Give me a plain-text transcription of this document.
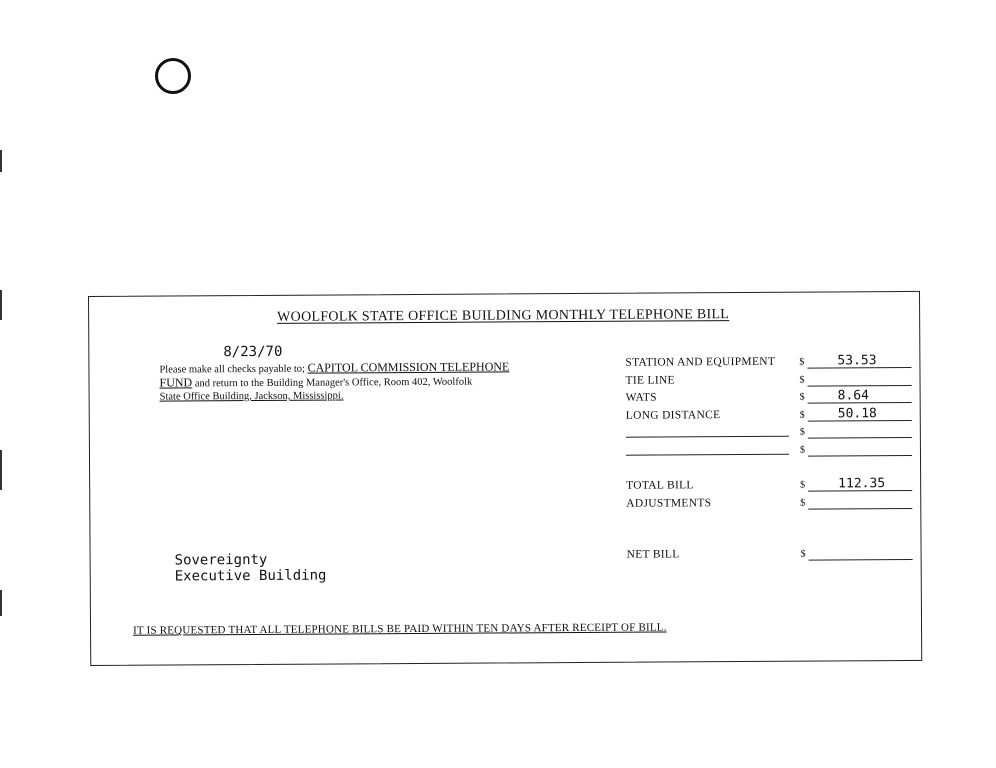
WOOLFOLK STATE OFFICE BUILDING MONTHLY TELEPHONE BILL
8/23/70
Please make all checks payable to; CAPITOL COMMISSION TELEPHONE
FUND and return to the Building Manager's Office, Room 402, Woolfolk
State Office Building, Jackson, Mississippi.
STATION AND EQUIPMENT $	53.53
TIE LINE	$
WATS	$	8.64
LONG DISTANCE	$	50.18
$
$
TOTAL BILL	$	112.35
ADJUSTMENTS	$
NET BILL	$
Sovereignty
Executive Building
IT IS REQUESTED THAT ALL TELEPHONE BILLS BE PAID WITHIN TEN DAYS AFTER RECEIPT OF BILL.
